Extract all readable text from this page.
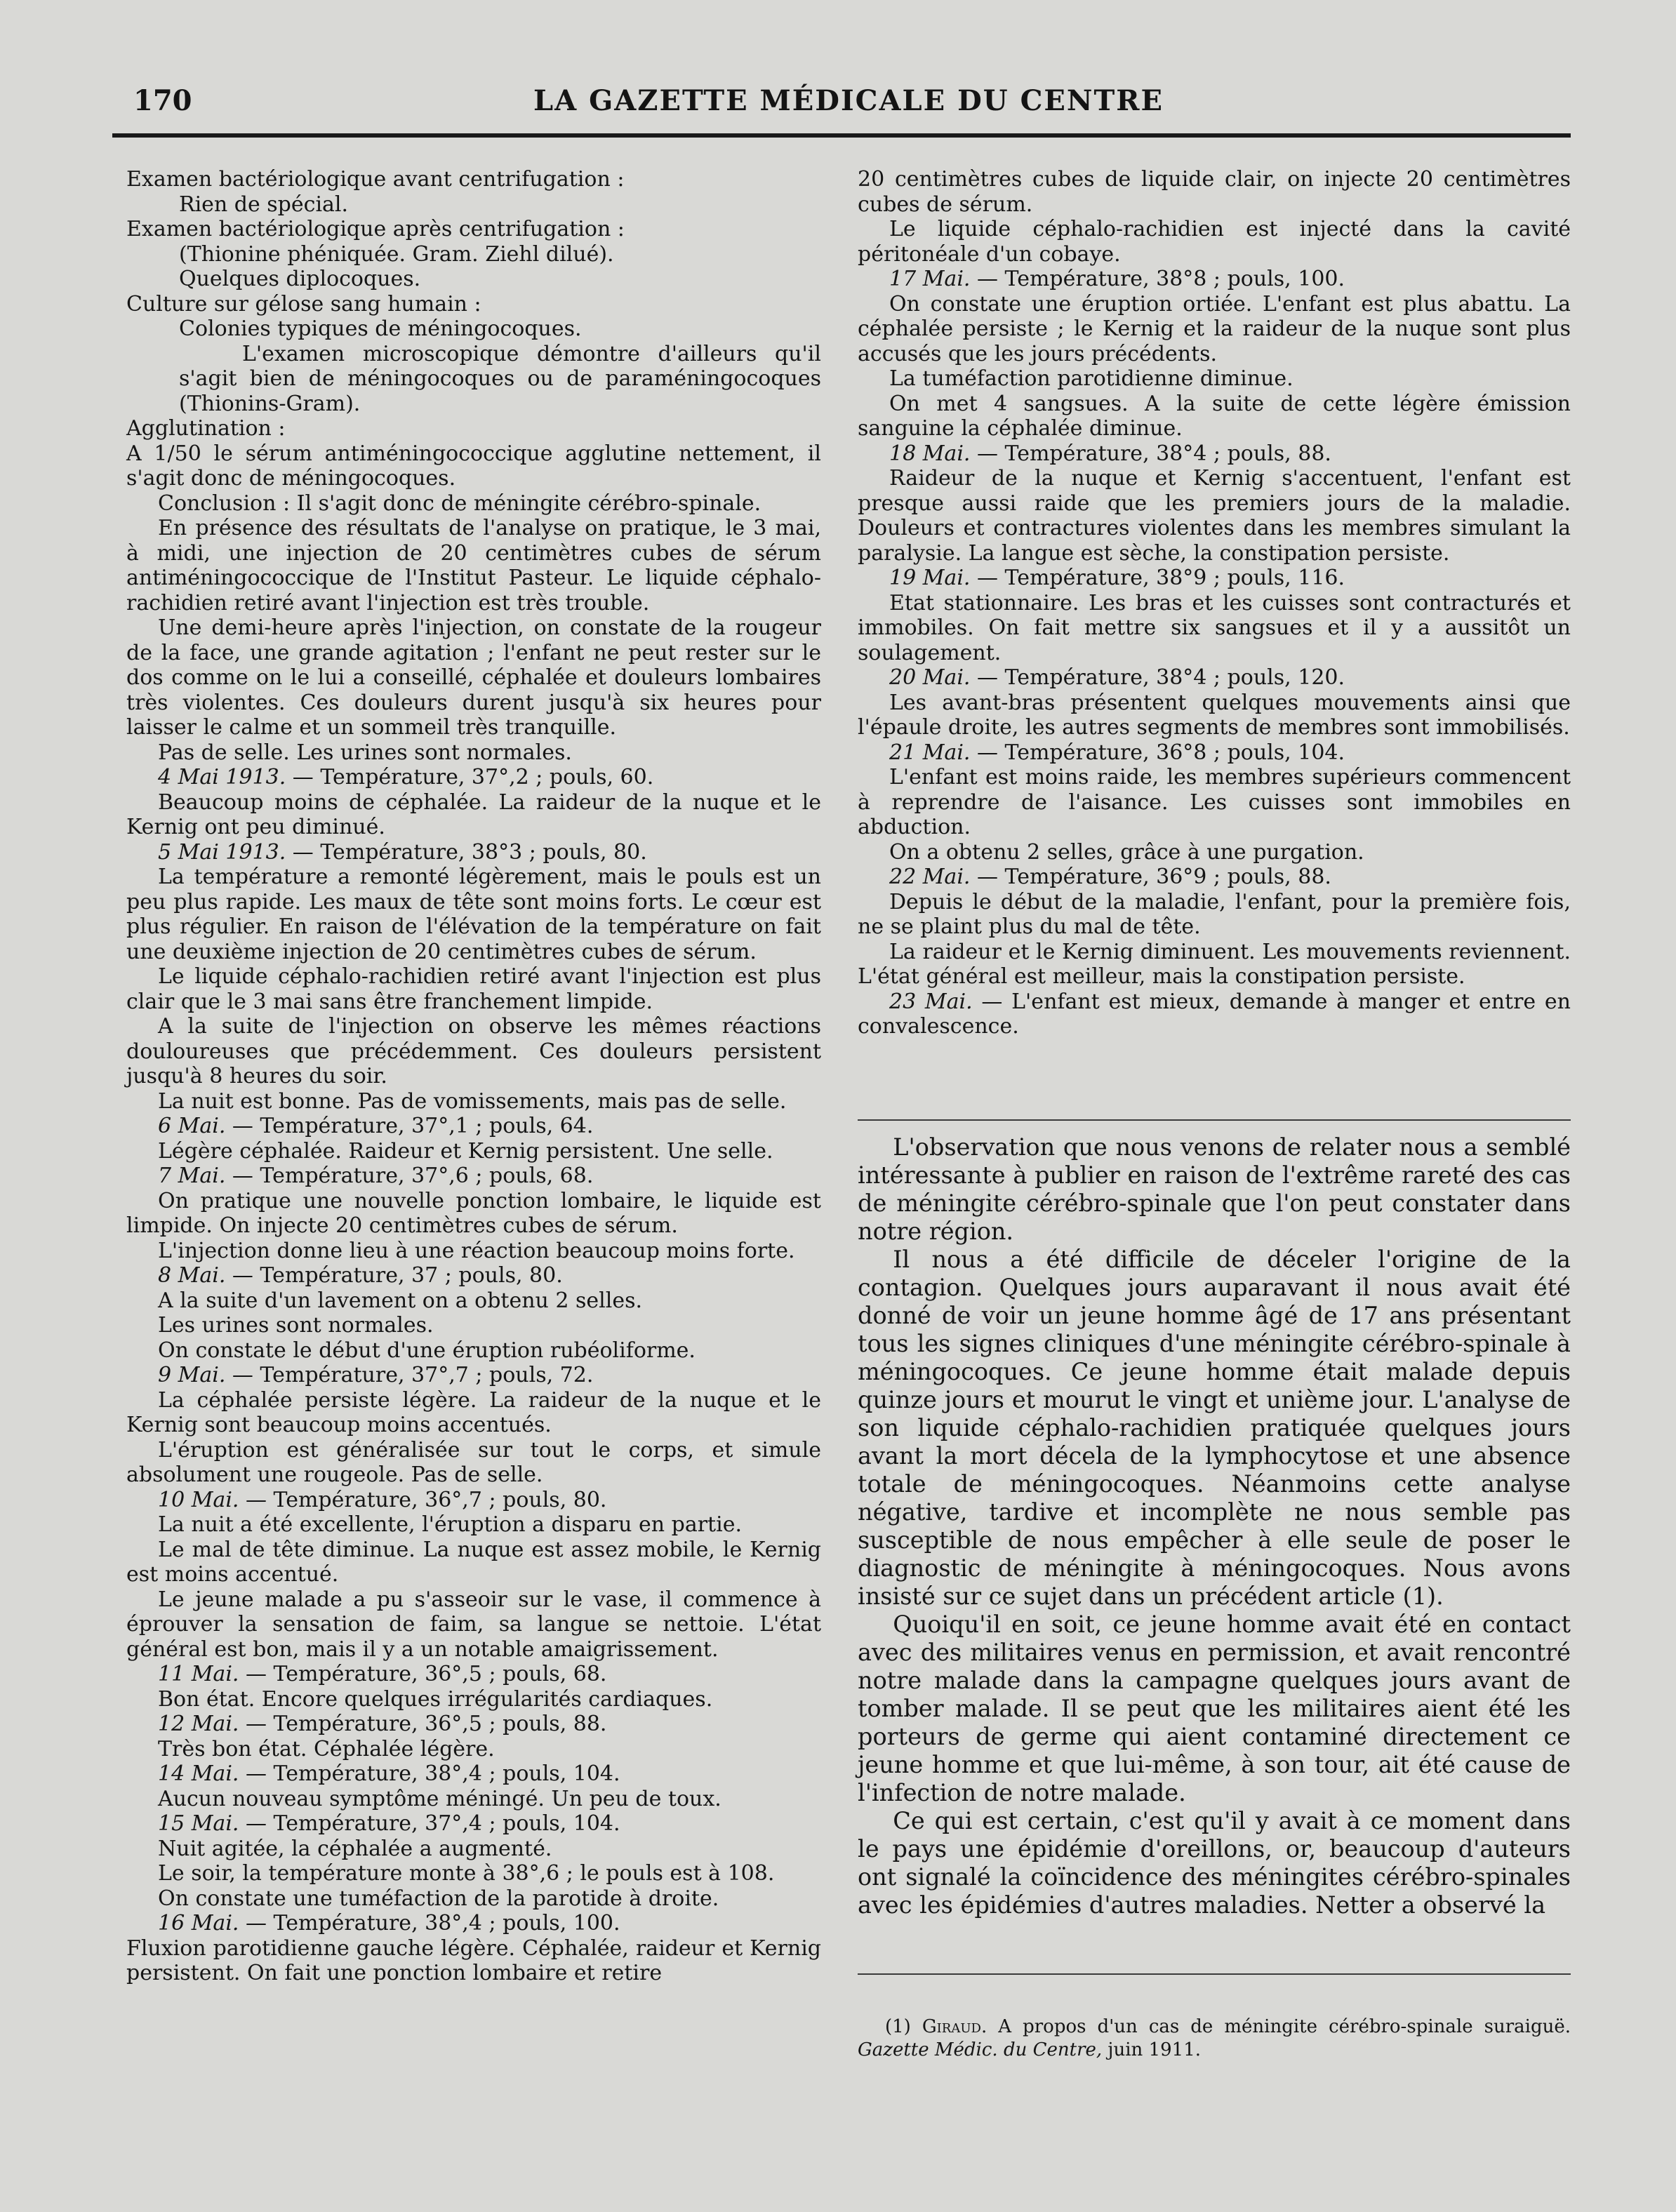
170	LA GAZETTE MÉDICALE DU CENTRE

Examen bactériologique avant centrifugation :

Rien de spécial.

Examen bactériologique après centrifugation :

(Thionine phéniquée. Gram. Ziehl dilué).

Quelques diplocoques.

Culture sur gélose sang humain :

Colonies typiques de méningocoques.

L'examen microscopique démontre d'ailleurs qu'il s'agit bien de méningocoques ou de paraméningocoques (Thionins-Gram).

Agglutination :

A 1/50 le sérum antiméningococcique agglutine nettement, il s'agit donc de méningocoques.

Conclusion : Il s'agit donc de méningite cérébro-spinale.

En présence des résultats de l'analyse on pratique, le 3 mai, à midi, une injection de 20 centimètres cubes de sérum antiméningococcique de l'Institut Pasteur. Le liquide céphalo-rachidien retiré avant l'injection est très trouble.

Une demi-heure après l'injection, on constate de la rougeur de la face, une grande agitation ; l'enfant ne peut rester sur le dos comme on le lui a conseillé, céphalée et douleurs lombaires très violentes. Ces douleurs durent jusqu'à six heures pour laisser le calme et un sommeil très tranquille.

Pas de selle. Les urines sont normales.

4 Mai 1913. — Température, 37°,2 ; pouls, 60.

Beaucoup moins de céphalée. La raideur de la nuque et le Kernig ont peu diminué.

5 Mai 1913. — Température, 38°3 ; pouls, 80.

La température a remonté légèrement, mais le pouls est un peu plus rapide. Les maux de tête sont moins forts. Le cœur est plus régulier. En raison de l'élévation de la température on fait une deuxième injection de 20 centimètres cubes de sérum.

Le liquide céphalo-rachidien retiré avant l'injection est plus clair que le 3 mai sans être franchement limpide.

A la suite de l'injection on observe les mêmes réactions douloureuses que précédemment. Ces douleurs persistent jusqu'à 8 heures du soir.

La nuit est bonne. Pas de vomissements, mais pas de selle.

6 Mai. — Température, 37°,1 ; pouls, 64.

Légère céphalée. Raideur et Kernig persistent. Une selle.

7 Mai. — Température, 37°,6 ; pouls, 68.

On pratique une nouvelle ponction lombaire, le liquide est limpide. On injecte 20 centimètres cubes de sérum.

L'injection donne lieu à une réaction beaucoup moins forte.

8 Mai. — Température, 37 ; pouls, 80.

A la suite d'un lavement on a obtenu 2 selles.

Les urines sont normales.

On constate le début d'une éruption rubéoliforme.

9 Mai. — Température, 37°,7 ; pouls, 72.

La céphalée persiste légère. La raideur de la nuque et le Kernig sont beaucoup moins accentués.

L'éruption est généralisée sur tout le corps, et simule absolument une rougeole. Pas de selle.

10 Mai. — Température, 36°,7 ; pouls, 80.

La nuit a été excellente, l'éruption a disparu en partie.

Le mal de tête diminue. La nuque est assez mobile, le Kernig est moins accentué.

Le jeune malade a pu s'asseoir sur le vase, il commence à éprouver la sensation de faim, sa langue se nettoie. L'état général est bon, mais il y a un notable amaigrissement.

11 Mai. — Température, 36°,5 ; pouls, 68.

Bon état. Encore quelques irrégularités cardiaques.

12 Mai. — Température, 36°,5 ; pouls, 88.

Très bon état. Céphalée légère.

14 Mai. — Température, 38°,4 ; pouls, 104.

Aucun nouveau symptôme méningé. Un peu de toux.

15 Mai. — Température, 37°,4 ; pouls, 104.

Nuit agitée, la céphalée a augmenté.

Le soir, la température monte à 38°,6 ; le pouls est à 108.

On constate une tuméfaction de la parotide à droite.

16 Mai. — Température, 38°,4 ; pouls, 100.

Fluxion parotidienne gauche légère. Céphalée, raideur et Kernig persistent. On fait une ponction lombaire et retire

20 centimètres cubes de liquide clair, on injecte 20 centimètres cubes de sérum.

Le liquide céphalo-rachidien est injecté dans la cavité péritonéale d'un cobaye.

17 Mai. — Température, 38°8 ; pouls, 100.

On constate une éruption ortiée. L'enfant est plus abattu. La céphalée persiste ; le Kernig et la raideur de la nuque sont plus accusés que les jours précédents.

La tuméfaction parotidienne diminue.

On met 4 sangsues. A la suite de cette légère émission sanguine la céphalée diminue.

18 Mai. — Température, 38°4 ; pouls, 88.

Raideur de la nuque et Kernig s'accentuent, l'enfant est presque aussi raide que les premiers jours de la maladie. Douleurs et contractures violentes dans les membres simulant la paralysie. La langue est sèche, la constipation persiste.

19 Mai. — Température, 38°9 ; pouls, 116.

Etat stationnaire. Les bras et les cuisses sont contracturés et immobiles. On fait mettre six sangsues et il y a aussitôt un soulagement.

20 Mai. — Température, 38°4 ; pouls, 120.

Les avant-bras présentent quelques mouvements ainsi que l'épaule droite, les autres segments de membres sont immobilisés.

21 Mai. — Température, 36°8 ; pouls, 104.

L'enfant est moins raide, les membres supérieurs commencent à reprendre de l'aisance. Les cuisses sont immobiles en abduction.

On a obtenu 2 selles, grâce à une purgation.

22 Mai. — Température, 36°9 ; pouls, 88.

Depuis le début de la maladie, l'enfant, pour la première fois, ne se plaint plus du mal de tête.

La raideur et le Kernig diminuent. Les mouvements reviennent. L'état général est meilleur, mais la constipation persiste.

23 Mai. — L'enfant est mieux, demande à manger et entre en convalescence.

L'observation que nous venons de relater nous a semblé intéressante à publier en raison de l'extrême rareté des cas de méningite cérébro-spinale que l'on peut constater dans notre région.

Il nous a été difficile de déceler l'origine de la contagion. Quelques jours auparavant il nous avait été donné de voir un jeune homme âgé de 17 ans présentant tous les signes cliniques d'une méningite cérébro-spinale à méningocoques. Ce jeune homme était malade depuis quinze jours et mourut le vingt et unième jour. L'analyse de son liquide céphalo-rachidien pratiquée quelques jours avant la mort décela de la lymphocytose et une absence totale de méningocoques. Néanmoins cette analyse négative, tardive et incomplète ne nous semble pas susceptible de nous empêcher à elle seule de poser le diagnostic de méningite à méningocoques. Nous avons insisté sur ce sujet dans un précédent article (1).

Quoiqu'il en soit, ce jeune homme avait été en contact avec des militaires venus en permission, et avait rencontré notre malade dans la campagne quelques jours avant de tomber malade. Il se peut que les militaires aient été les porteurs de germe qui aient contaminé directement ce jeune homme et que lui-même, à son tour, ait été cause de l'infection de notre malade.

Ce qui est certain, c'est qu'il y avait à ce moment dans le pays une épidémie d'oreillons, or, beaucoup d'auteurs ont signalé la coïncidence des méningites cérébro-spinales avec les épidémies d'autres maladies. Netter a observé la

(1) Giraud. A propos d'un cas de méningite cérébro-spinale suraiguë. Gazette Médic. du Centre, juin 1911.
